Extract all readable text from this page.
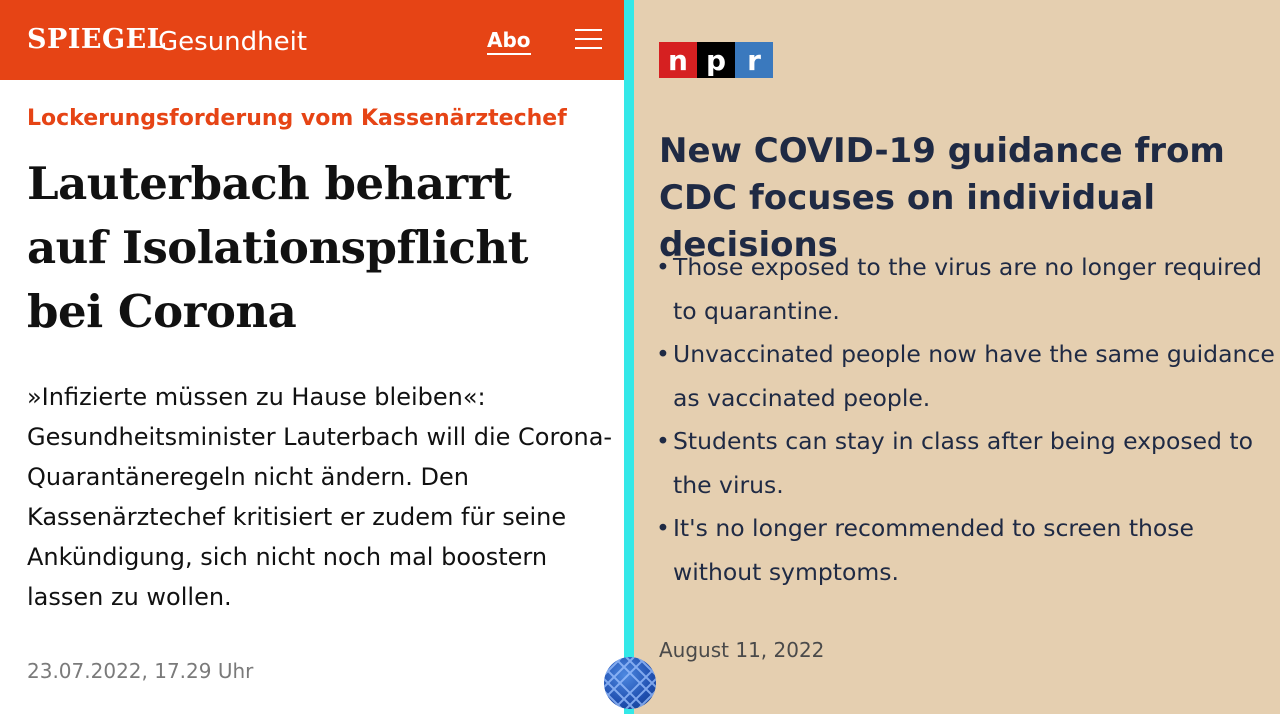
SPIEGEL
Gesundheit	Abo
Lockerungsforderung vom Kassenärztechef
Lauterbach beharrt auf Isolationspflicht bei Corona

»Infizierte müssen zu Hause bleiben«: Gesundheitsminister Lauterbach will die Corona-Quarantäneregeln nicht ändern. Den Kassenärztechef kritisiert er zudem für seine Ankündigung, sich nicht noch mal boostern lassen zu wollen.

23.07.2022, 17.29 Uhr
n p r
New COVID-19 guidance from CDC focuses on individual decisions
• Those exposed to the virus are no longer required to quarantine.
• Unvaccinated people now have the same guidance as vaccinated people.
• Students can stay in class after being exposed to the virus.
• It's no longer recommended to screen those without symptoms.
August 11, 2022
